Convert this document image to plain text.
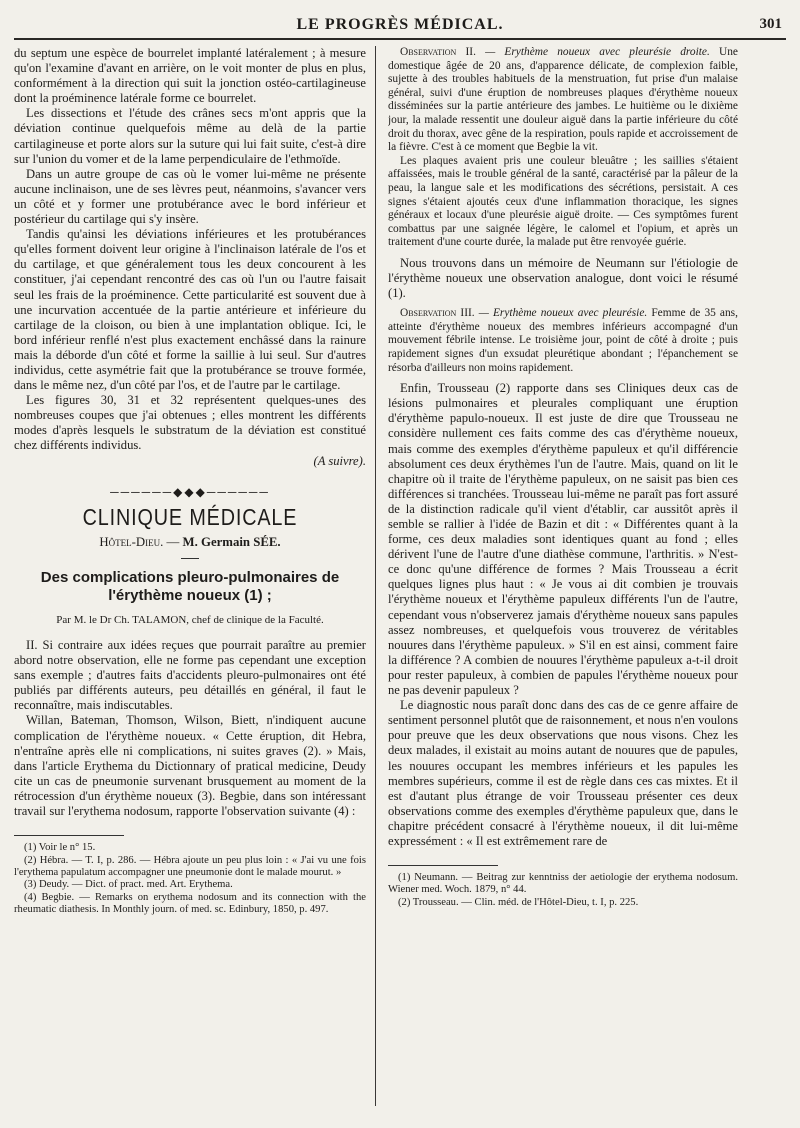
LE PROGRÈS MÉDICAL.	301

du septum une espèce de bourrelet implanté latéralement ; à mesure qu'on l'examine d'avant en arrière, on le voit monter de plus en plus, conformément à la direction qui suit la jonction ostéo-cartilagineuse dont la proéminence latérale forme ce bourrelet.

Les dissections et l'étude des crânes secs m'ont appris que la déviation continue quelquefois même au delà de la partie cartilagineuse et porte alors sur la suture qui lui fait suite, c'est-à dire sur l'union du vomer et de la lame perpendiculaire de l'ethmoïde.

Dans un autre groupe de cas où le vomer lui-même ne présente aucune inclinaison, une de ses lèvres peut, néanmoins, s'avancer vers un côté et y former une protubérance avec le bord inférieur et postérieur du cartilage qui s'y insère.

Tandis qu'ainsi les déviations inférieures et les protubérances qu'elles forment doivent leur origine à l'inclinaison latérale de l'os et du cartilage, et que généralement tous les deux concourent à les constituer, j'ai cependant rencontré des cas où l'un ou l'autre faisait seul les frais de la proéminence. Cette particularité est souvent due à une incurvation accentuée de la partie antérieure et inférieure du cartilage de la cloison, ou bien à une implantation oblique. Ici, le bord inférieur renflé n'est plus exactement enchâssé dans la rainure mais la déborde d'un côté et forme la saillie à lui seul. Sur d'autres individus, cette asymétrie fait que la protubérance se trouve formée, dans le même nez, d'un côté par l'os, et de l'autre par le cartilage.

Les figures 30, 31 et 32 représentent quelques-unes des nombreuses coupes que j'ai obtenues ; elles montrent les différents modes d'après lesquels le substratum de la déviation est constitué chez différents individus.

(A suivre).

──────◆◆◆──────
CLINIQUE MÉDICALE
Hôtel-Dieu. — M. Germain SÉE.
Des complications pleuro-pulmonaires de l'érythème noueux (1) ;
Par M. le Dr Ch. TALAMON, chef de clinique de la Faculté.

II. Si contraire aux idées reçues que pourrait paraître au premier abord notre observation, elle ne forme pas cependant une exception sans exemple ; d'autres faits d'accidents pleuro-pulmonaires ont été publiés par différents auteurs, peu détaillés en général, il faut le reconnaître, mais indiscutables.

Willan, Bateman, Thomson, Wilson, Biett, n'indiquent aucune complication de l'érythème noueux. « Cette éruption, dit Hebra, n'entraîne après elle ni complications, ni suites graves (2). » Mais, dans l'article Erythema du Dictionnary of pratical medicine, Deudy cite un cas de pneumonie survenant brusquement au moment de la rétrocession d'un érythème noueux (3). Begbie, dans son intéressant travail sur l'erythema nodosum, rapporte l'observation suivante (4) :

(1) Voir le n° 15.

(2) Hébra. — T. I, p. 286. — Hébra ajoute un peu plus loin : « J'ai vu une fois l'erythema papulatum accompagner une pneumonie dont le malade mourut. »

(3) Deudy. — Dict. of pract. med. Art. Erythema.

(4) Begbie. — Remarks on erythema nodosum and its connection with the rheumatic diathesis. In Monthly journ. of med. sc. Edinbury, 1850, p. 497.

Observation II. — Erythème noueux avec pleurésie droite. Une domestique âgée de 20 ans, d'apparence délicate, de complexion faible, sujette à des troubles habituels de la menstruation, fut prise d'un malaise général, suivi d'une éruption de nombreuses plaques d'érythème noueux disséminées sur la partie antérieure des jambes. Le huitième ou le dixième jour, la malade ressentit une douleur aiguë dans la partie inférieure du côté droit du thorax, avec gêne de la respiration, pouls rapide et accroissement de la fièvre. C'est à ce moment que Begbie la vit.

Les plaques avaient pris une couleur bleuâtre ; les saillies s'étaient affaissées, mais le trouble général de la santé, caractérisé par la pâleur de la peau, la langue sale et les modifications des sécrétions, persistait. A ces signes s'étaient ajoutés ceux d'une inflammation thoracique, les signes généraux et locaux d'une pleurésie aiguë droite. — Ces symptômes furent combattus par une saignée légère, le calomel et l'opium, et après un traitement d'une courte durée, la malade put être renvoyée guérie.

Nous trouvons dans un mémoire de Neumann sur l'étiologie de l'érythème noueux une observation analogue, dont voici le résumé (1).

Observation III. — Erythème noueux avec pleurésie. Femme de 35 ans, atteinte d'érythème noueux des membres inférieurs accompagné d'un mouvement fébrile intense. Le troisième jour, point de côté à droite ; puis rapidement signes d'un exsudat pleurétique abondant ; l'épanchement se résorba d'ailleurs non moins rapidement.

Enfin, Trousseau (2) rapporte dans ses Cliniques deux cas de lésions pulmonaires et pleurales compliquant une éruption d'érythème papulo-noueux. Il est juste de dire que Trousseau ne considère nullement ces faits comme des cas d'érythème noueux, mais comme des exemples d'érythème papuleux et qu'il différencie absolument ces deux érythèmes l'un de l'autre. Mais, quand on lit le chapitre où il traite de l'érythème papuleux, on ne saisit pas bien ces différences si tranchées. Trousseau lui-même ne paraît pas fort assuré de la distinction radicale qu'il vient d'établir, car aussitôt après il semble se rallier à l'idée de Bazin et dit : « Différentes quant à la forme, ces deux maladies sont identiques quant au fond ; elles dérivent l'une de l'autre d'une diathèse commune, l'arthritis. » N'est-ce donc qu'une différence de formes ? Mais Trousseau a écrit quelques lignes plus haut : « Je vous ai dit combien je trouvais l'érythème noueux et l'érythème papuleux différents l'un de l'autre, cependant vous n'observerez jamais d'érythème noueux sans papules assez nombreuses, et quelquefois vous trouverez de véritables nouures dans l'érythème papuleux. » S'il en est ainsi, comment faire la différence ? A combien de nouures l'érythème papuleux a-t-il droit pour rester papuleux, à combien de papules l'érythème noueux pour ne pas devenir papuleux ?

Le diagnostic nous paraît donc dans des cas de ce genre affaire de sentiment personnel plutôt que de raisonnement, et nous n'en voulons pour preuve que les deux observations que nous visons. Chez les deux malades, il existait au moins autant de nouures que de papules, les nouures occupant les membres inférieurs et les papules les membres supérieurs, comme il est de règle dans ces cas mixtes. Et il est d'autant plus étrange de voir Trousseau présenter ces deux observations comme des exemples d'érythème papuleux que, dans le chapitre précédent consacré à l'érythème noueux, il dit lui-même expressément : « Il est extrêmement rare de

(1) Neumann. — Beitrag zur kenntniss der aetiologie der erythema nodosum. Wiener med. Woch. 1879, n° 44.

(2) Trousseau. — Clin. méd. de l'Hôtel-Dieu, t. I, p. 225.
